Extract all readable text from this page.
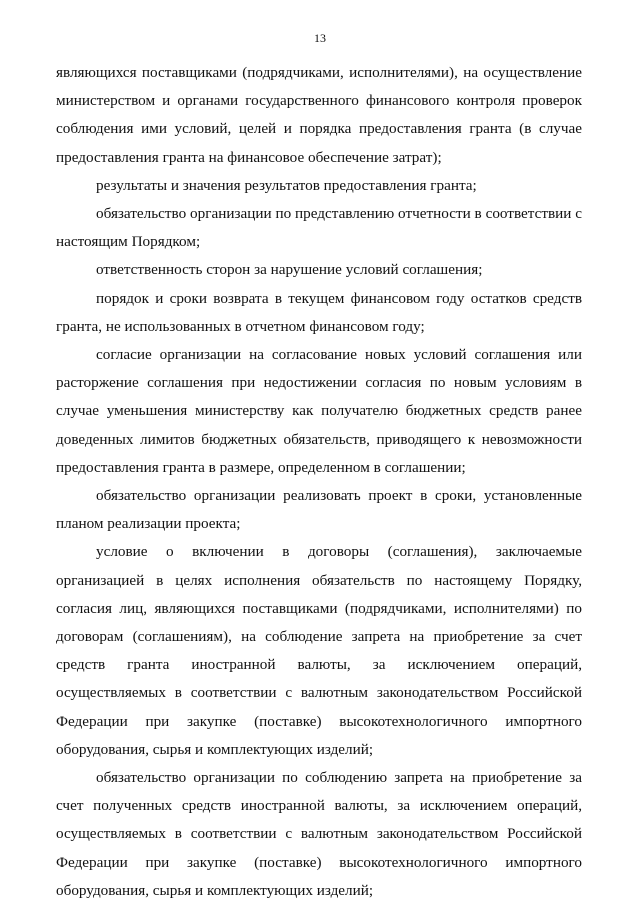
13

являющихся поставщиками (подрядчиками, исполнителями), на осуществление министерством и органами государственного финансового контроля проверок соблюдения ими условий, целей и порядка предоставления гранта (в случае предоставления гранта на финансовое обеспечение затрат);

результаты и значения результатов предоставления гранта;

обязательство организации по представлению отчетности в соответствии с настоящим Порядком;

ответственность сторон за нарушение условий соглашения;

порядок и сроки возврата в текущем финансовом году остатков средств гранта, не использованных в отчетном финансовом году;

согласие организации на согласование новых условий соглашения или расторжение соглашения при недостижении согласия по новым условиям в случае уменьшения министерству как получателю бюджетных средств ранее доведенных лимитов бюджетных обязательств, приводящего к невозможности предоставления гранта в размере, определенном в соглашении;

обязательство организации реализовать проект в сроки, установленные планом реализации проекта;

условие о включении в договоры (соглашения), заключаемые организацией в целях исполнения обязательств по настоящему Порядку, согласия лиц, являющихся поставщиками (подрядчиками, исполнителями) по договорам (соглашениям), на соблюдение запрета на приобретение за счет средств гранта иностранной валюты, за исключением операций, осуществляемых в соответствии с валютным законодательством Российской Федерации при закупке (поставке) высокотехнологичного импортного оборудования, сырья и комплектующих изделий;

обязательство организации по соблюдению запрета на приобретение за счет полученных средств иностранной валюты, за исключением операций, осуществляемых в соответствии с валютным законодательством Российской Федерации при закупке (поставке) высокотехнологичного импортного оборудования, сырья и комплектующих изделий;
